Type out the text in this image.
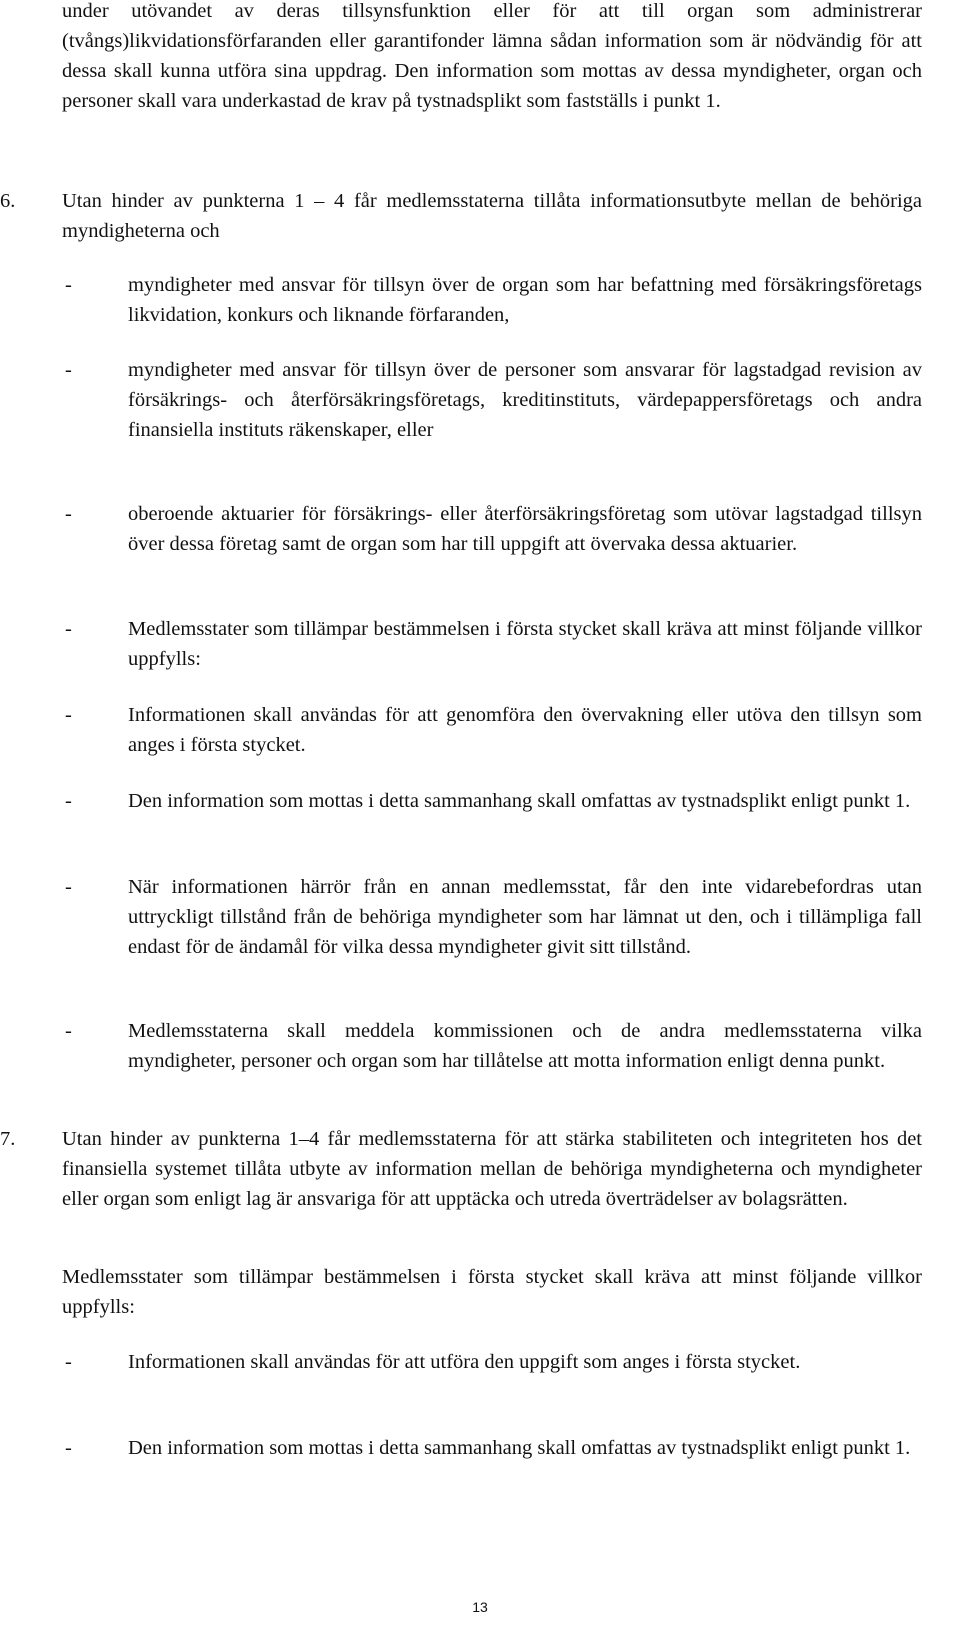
under utövandet av deras tillsynsfunktion eller för att till organ som administrerar (tvångs)likvidationsförfaranden eller garantifonder lämna sådan information som är nödvändig för att dessa skall kunna utföra sina uppdrag. Den information som mottas av dessa myndigheter, organ och personer skall vara underkastad de krav på tystnadsplikt som fastställs i punkt 1.

6. Utan hinder av punkterna 1 – 4 får medlemsstaterna tillåta informationsutbyte mellan de behöriga myndigheterna och

-	myndigheter med ansvar för tillsyn över de organ som har befattning med försäkringsföretags likvidation, konkurs och liknande förfaranden,

-	myndigheter med ansvar för tillsyn över de personer som ansvarar för lagstadgad revision av försäkrings- och återförsäkringsföretags, kreditinstituts, värdepappersföretags och andra finansiella instituts räkenskaper, eller

-	oberoende aktuarier för försäkrings- eller återförsäkringsföretag som utövar lagstadgad tillsyn över dessa företag samt de organ som har till uppgift att övervaka dessa aktuarier.

-	Medlemsstater som tillämpar bestämmelsen i första stycket skall kräva att minst följande villkor uppfylls:

-	Informationen skall användas för att genomföra den övervakning eller utöva den tillsyn som anges i första stycket.

-	Den information som mottas i detta sammanhang skall omfattas av tystnadsplikt enligt punkt 1.

-	När informationen härrör från en annan medlemsstat, får den inte vidarebefordras utan uttryckligt tillstånd från de behöriga myndigheter som har lämnat ut den, och i tillämpliga fall endast för de ändamål för vilka dessa myndigheter givit sitt tillstånd.

-	Medlemsstaterna skall meddela kommissionen och de andra medlemsstaterna vilka myndigheter, personer och organ som har tillåtelse att motta information enligt denna punkt.

7. Utan hinder av punkterna 1–4 får medlemsstaterna för att stärka stabiliteten och integriteten hos det finansiella systemet tillåta utbyte av information mellan de behöriga myndigheterna och myndigheter eller organ som enligt lag är ansvariga för att upptäcka och utreda överträdelser av bolagsrätten.

Medlemsstater som tillämpar bestämmelsen i första stycket skall kräva att minst följande villkor uppfylls:

-	Informationen skall användas för att utföra den uppgift som anges i första stycket.

-	Den information som mottas i detta sammanhang skall omfattas av tystnadsplikt enligt punkt 1.

13
